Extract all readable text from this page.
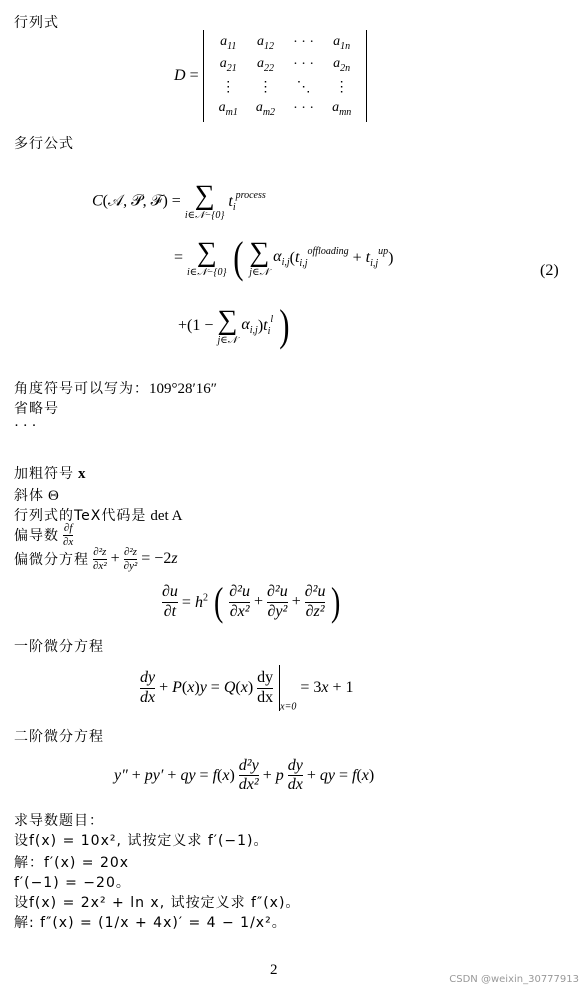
行列式
D =
$a_{11}$	$a_{12}$	· · ·	$a_{1n}$
$a_{21}$	$a_{22}$	· · ·	$a_{2n}$
⋮	⋮	⋱	⋮
$a_{m1}$	$a_{m2}$	· · ·	$a_{mn}$
多行公式
C(𝒜, 𝒫, ℱ) = ∑
i∈𝒩−{0}
$t_i^{process}$
= ∑
i∈𝒩−{0} ( ∑
j∈𝒩
$\alpha_{i,j}(t_{i,j}^{offloading} + t_{i,j}^{up})$
(2)
+(1 − ∑
j∈𝒩
$\alpha_{i,j})t_i^l$ )
角度符号可以写为：109°28′16″
省略号
· · ·
加粗符号 x
斜体 Θ
行列式的TeX代码是 det A
偏导数 $\frac{\partial f}{\partial x}$
偏微分方程 $\frac{\text{∂²z}}{\text{∂x²}} + \frac{\text{∂²z}}{\text{∂y²}} = -2z$
$\frac{\partial u}{\partial t} = h^2$ ( $\frac{\text{∂²u}}{\text{∂x²}} + \frac{\text{∂²u}}{\text{∂y²}} + \frac{\text{∂²u}}{\text{∂z²}}$ )
一阶微分方程
$\frac{dy}{dx} + P(x)y = Q(x) \frac{dy}{dx}$
$_{x=0}$ = 3x + 1
二阶微分方程
y″ + py′ + qy = $f(x) \frac{\text{d²y}}{\text{dx²}} + p \frac{dy}{dx}$ + qy = f(x)
求导数题目：
设f(x) = 10x², 试按定义求 f′(−1)。
解：f′(x) = 20x
f′(−1) = −20。
设f(x) = 2x² + ln x, 试按定义求 f″(x)。
解: f″(x) = (1/x + 4x)′ = 4 − 1/x²。
2
CSDN @weixin_30777913
